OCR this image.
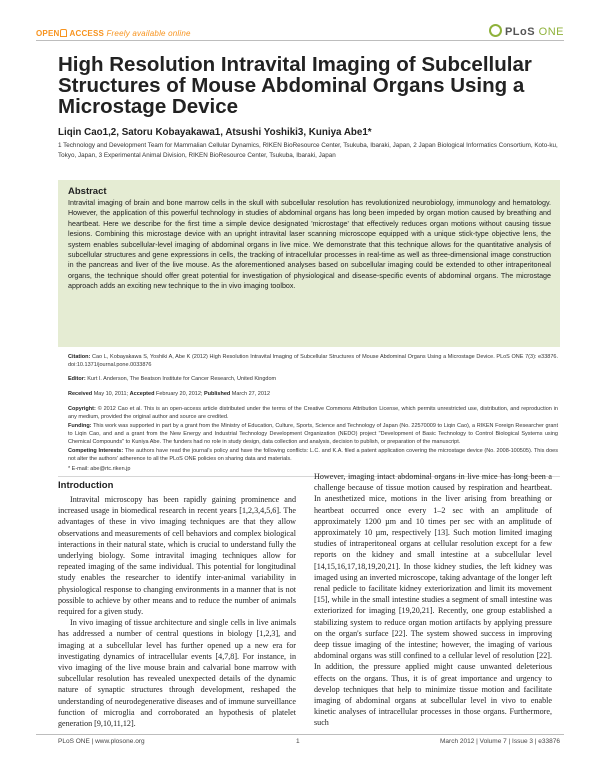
OPEN ACCESS Freely available online	PLoS ONE
High Resolution Intravital Imaging of Subcellular Structures of Mouse Abdominal Organs Using a Microstage Device
Liqin Cao1,2, Satoru Kobayakawa1, Atsushi Yoshiki3, Kuniya Abe1*
1 Technology and Development Team for Mammalian Cellular Dynamics, RIKEN BioResource Center, Tsukuba, Ibaraki, Japan, 2 Japan Biological Informatics Consortium, Koto-ku, Tokyo, Japan, 3 Experimental Animal Division, RIKEN BioResource Center, Tsukuba, Ibaraki, Japan
Abstract
Intravital imaging of brain and bone marrow cells in the skull with subcellular resolution has revolutionized neurobiology, immunology and hematology. However, the application of this powerful technology in studies of abdominal organs has long been impeded by organ motion caused by breathing and heartbeat. Here we describe for the first time a simple device designated 'microstage' that effectively reduces organ motions without causing tissue lesions. Combining this microstage device with an upright intravital laser scanning microscope equipped with a unique stick-type objective lens, the system enables subcellular-level imaging of abdominal organs in live mice. We demonstrate that this technique allows for the quantitative analysis of subcellular structures and gene expressions in cells, the tracking of intracellular processes in real-time as well as three-dimensional image construction in the pancreas and liver of the live mouse. As the aforementioned analyses based on subcellular imaging could be extended to other intraperitoneal organs, the technique should offer great potential for investigation of physiological and disease-specific events of abdominal organs. The microstage approach adds an exciting new technique to the in vivo imaging toolbox.
Citation: Cao L, Kobayakawa S, Yoshiki A, Abe K (2012) High Resolution Intravital Imaging of Subcellular Structures of Mouse Abdominal Organs Using a Microstage Device. PLoS ONE 7(3): e33876. doi:10.1371/journal.pone.0033876
Editor: Kurt I. Anderson, The Beatson Institute for Cancer Research, United Kingdom
Received May 10, 2011; Accepted February 20, 2012; Published March 27, 2012
Copyright: © 2012 Cao et al. This is an open-access article distributed under the terms of the Creative Commons Attribution License, which permits unrestricted use, distribution, and reproduction in any medium, provided the original author and source are credited.
Introduction
Funding: This work was supported in part by a grant from the Ministry of Education, Culture, Sports, Science and Technology of Japan (No. 22570009 to Liqin Cao), a RIKEN Foreign Researcher grant to Liqin Cao, and and a grant from the New Energy and Industrial Technology Development Organization (NEDO) project "Development of Basic Technology to Control Biological Systems using Chemical Compounds" to Kuniya Abe. The funders had no role in study design, data collection and analysis, decision to publish, or preparation of the manuscript.
Competing Interests: The authors have read the journal's policy and have the following conflicts: L.C. and K.A. filed a patent application covering the microstage device (No. 2008-100505). This does not alter the authors' adherence to all the PLoS ONE policies on sharing data and materials.
* E-mail: abe@rtc.riken.jp

Intravital microscopy has been rapidly gaining prominence and increased usage in biomedical research in recent years [1,2,3,4,5,6]. The advantages of these in vivo imaging techniques are that they allow observations and measurements of cell behaviors and complex biological interactions in their natural state, which is crucial to understand fully the underlying biology. Some intravital imaging techniques allow for repeated imaging of the same individual. This potential for longitudinal study enables the researcher to identify inter-animal variability in physiological response to changing environments in a manner that is not possible to achieve by other means and to reduce the number of animals required for a given study.

In vivo imaging of tissue architecture and single cells in live animals has addressed a number of central questions in biology [1,2,3], and imaging at a subcellular level has further opened up a new era for investigating dynamics of intracellular events [4,7,8]. For instance, in vivo imaging of the live mouse brain and calvarial bone marrow with subcellular resolution has revealed unexpected details of the dynamic nature of synaptic structures through development, reshaped the understanding of neurodegenerative diseases and of immune surveillance function of microglia and corroborated an hypothesis of platelet generation [9,10,11,12].

However, imaging intact abdominal organs in live mice has long been a challenge because of tissue motion caused by respiration and heartbeat. In anesthetized mice, motions in the liver arising from breathing or heartbeat occurred once every 1–2 sec with an amplitude of approximately 1200 µm and 10 times per sec with an amplitude of approximately 10 µm, respectively [13]. Such motion limited imaging studies of intraperitoneal organs at cellular resolution except for a few reports on the kidney and small intestine at a subcellular level [14,15,16,17,18,19,20,21]. In those kidney studies, the left kidney was imaged using an inverted microscope, taking advantage of the longer left renal pedicle to facilitate kidney exteriorization and limit its movement [15], while in the small intestine studies a segment of small intestine was exteriorized for imaging [19,20,21]. Recently, one group established a stabilizing system to reduce organ motion artifacts by applying pressure on the organ's surface [22]. The system showed success in improving deep tissue imaging of the intestine; however, the imaging of various abdominal organs was still confined to a cellular level of resolution [22]. In addition, the pressure applied might cause unwanted deleterious effects on the organs. Thus, it is of great importance and urgency to develop techniques that help to minimize tissue motion and facilitate imaging of abdominal organs at subcellular level in vivo to enable kinetic analyses of intracellular processes in those organs. Furthermore, such

PLoS ONE | www.plosone.org	1	March 2012 | Volume 7 | Issue 3 | e33876
